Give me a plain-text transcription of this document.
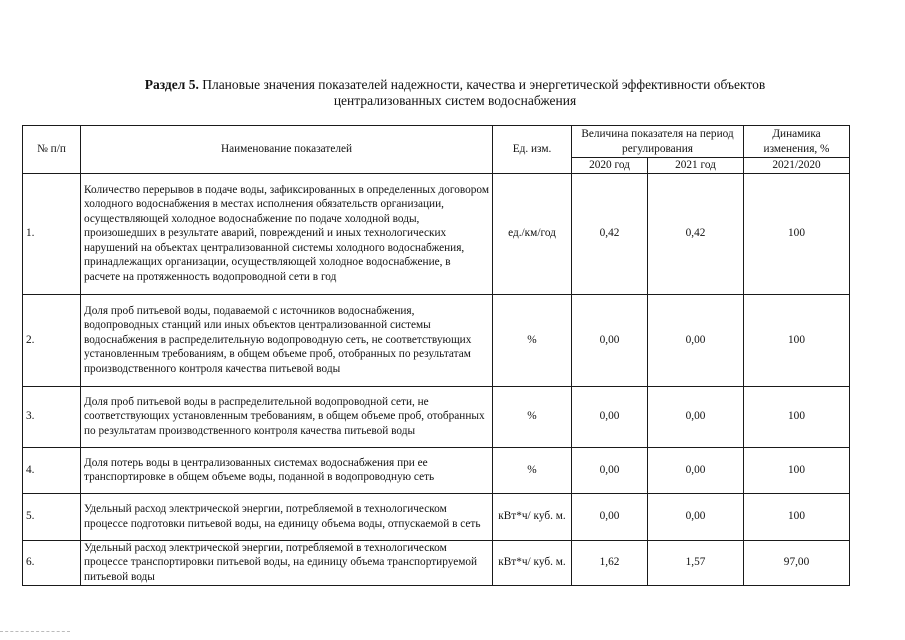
Раздел 5. Плановые значения показателей надежности, качества и энергетической эффективности объектов
централизованных систем водоснабжения
№ п/п	Наименование показателей	Ед. изм.	Величина показателя на период регулирования		Динамика изменения, %
			2020 год	2021 год	2021/2020
1.	Количество перерывов в подаче воды, зафиксированных в определенных договором холодного водоснабжения в местах исполнения обязательств организации, осуществляющей холодное водоснабжение по подаче холодной воды, произошедших в результате аварий, повреждений и иных технологических нарушений на объектах централизованной системы холодного водоснабжения, принадлежащих организации, осуществляющей холодное водоснабжение, в расчете на протяженность водопроводной сети в год	ед./км/год	0,42	0,42	100
2.	Доля проб питьевой воды, подаваемой с источников водоснабжения, водопроводных станций или иных объектов централизованной системы водоснабжения в распределительную водопроводную сеть, не соответствующих установленным требованиям, в общем объеме проб, отобранных по результатам производственного контроля качества питьевой воды	%	0,00	0,00	100
3.	Доля проб питьевой воды в распределительной водопроводной сети, не соответствующих установленным требованиям, в общем объеме проб, отобранных по результатам производственного контроля качества питьевой воды	%	0,00	0,00	100
4.	Доля потерь воды в централизованных системах водоснабжения при ее транспортировке в общем объеме воды, поданной в водопроводную сеть	%	0,00	0,00	100
5.	Удельный расход электрической энергии, потребляемой в технологическом процессе подготовки питьевой воды, на единицу объема воды, отпускаемой в сеть	кВт*ч/ куб. м.	0,00	0,00	100
6.	Удельный расход электрической энергии, потребляемой в технологическом процессе транспортировки питьевой воды, на единицу объема транспортируемой питьевой воды	кВт*ч/ куб. м.	1,62	1,57	97,00
